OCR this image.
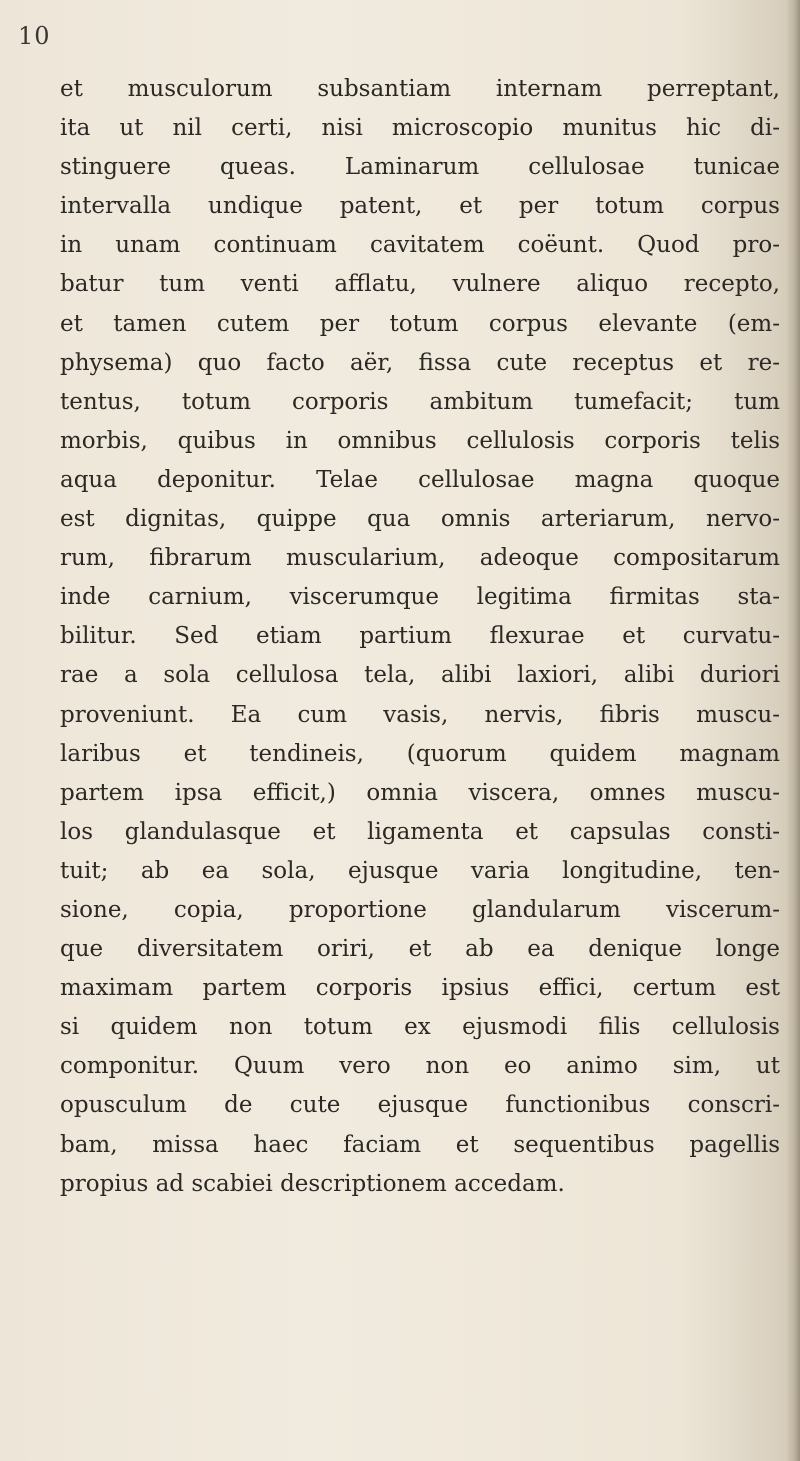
10
et musculorum subsantiam internam perreptant,
ita ut nil certi, nisi microscopio munitus hic di-
stinguere queas. Laminarum cellulosae tunicae
intervalla undique patent, et per totum corpus
in unam continuam cavitatem coëunt. Quod pro-
batur tum venti afflatu, vulnere aliquo recepto,
et tamen cutem per totum corpus elevante (em-
physema) quo facto aër, fissa cute receptus et re-
tentus, totum corporis ambitum tumefacit; tum
morbis, quibus in omnibus cellulosis corporis telis
aqua deponitur. Telae cellulosae magna quoque
est dignitas, quippe qua omnis arteriarum, nervo-
rum, fibrarum muscularium, adeoque compositarum
inde carnium, viscerumque legitima firmitas sta-
bilitur. Sed etiam partium flexurae et curvatu-
rae a sola cellulosa tela, alibi laxiori, alibi duriori
proveniunt. Ea cum vasis, nervis, fibris muscu-
laribus et tendineis, (quorum quidem magnam
partem ipsa efficit,) omnia viscera, omnes muscu-
los glandulasque et ligamenta et capsulas consti-
tuit; ab ea sola, ejusque varia longitudine, ten-
sione, copia, proportione glandularum viscerum-
que diversitatem oriri, et ab ea denique longe
maximam partem corporis ipsius effici, certum est
si quidem non totum ex ejusmodi filis cellulosis
componitur. Quum vero non eo animo sim, ut
opusculum de cute ejusque functionibus conscri-
bam, missa haec faciam et sequentibus pagellis
propius ad scabiei descriptionem accedam.
